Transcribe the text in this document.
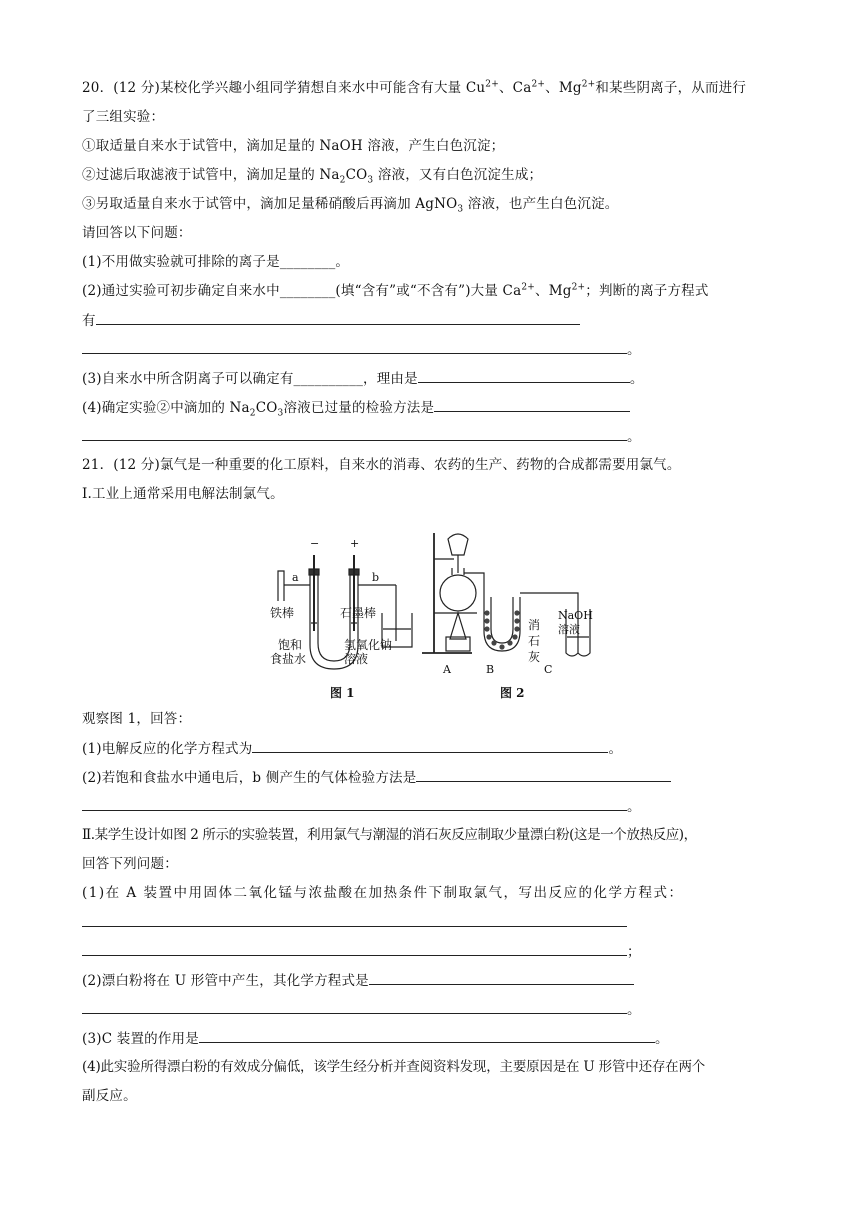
20．(12 分)某校化学兴趣小组同学猜想自来水中可能含有大量 $Cu^{2+}$、$Ca^{2+}$、$Mg^{2+}$和某些阴离子，从而进行
了三组实验：
①取适量自来水于试管中，滴加足量的 NaOH 溶液，产生白色沉淀；
②过滤后取滤液于试管中，滴加足量的 $Na_2CO_3$ 溶液，又有白色沉淀生成；
③另取适量自来水于试管中，滴加足量稀硝酸后再滴加 AgNO$_3$ 溶液，也产生白色沉淀。
请回答以下问题：
(1)不用做实验就可排除的离子是________。
(2)通过实验可初步确定自来水中________(填“含有”或“不含有”)大量 $Ca^{2+}$、$Mg^{2+}$；判断的离子方程式
有
。
(3)自来水中所含阴离子可以确定有__________，理由是	。
(4)确定实验②中滴加的 $Na_2CO_3$溶液已过量的检验方法是
。
21．(12 分)氯气是一种重要的化工原料，自来水的消毒、农药的生产、药物的合成都需要用氯气。
Ⅰ.工业上通常采用电解法制氯气。
−	+
a	b
铁棒	石墨棒
饱和
食盐水
氢氧化钠
溶液
图 1
A	B	C
消
石
灰
NaOH
溶液
图 2
观察图 1，回答：
(1)电解反应的化学方程式为	。
(2)若饱和食盐水中通电后，b 侧产生的气体检验方法是
。
Ⅱ.某学生设计如图 2 所示的实验装置，利用氯气与潮湿的消石灰反应制取少量漂白粉(这是一个放热反应)，
回答下列问题：
(1)在 A 装置中用固体二氧化锰与浓盐酸在加热条件下制取氯气，写出反应的化学方程式：
；
(2)漂白粉将在 U 形管中产生，其化学方程式是
。
(3)C 装置的作用是	。
(4)此实验所得漂白粉的有效成分偏低，该学生经分析并查阅资料发现，主要原因是在 U 形管中还存在两个
副反应。
